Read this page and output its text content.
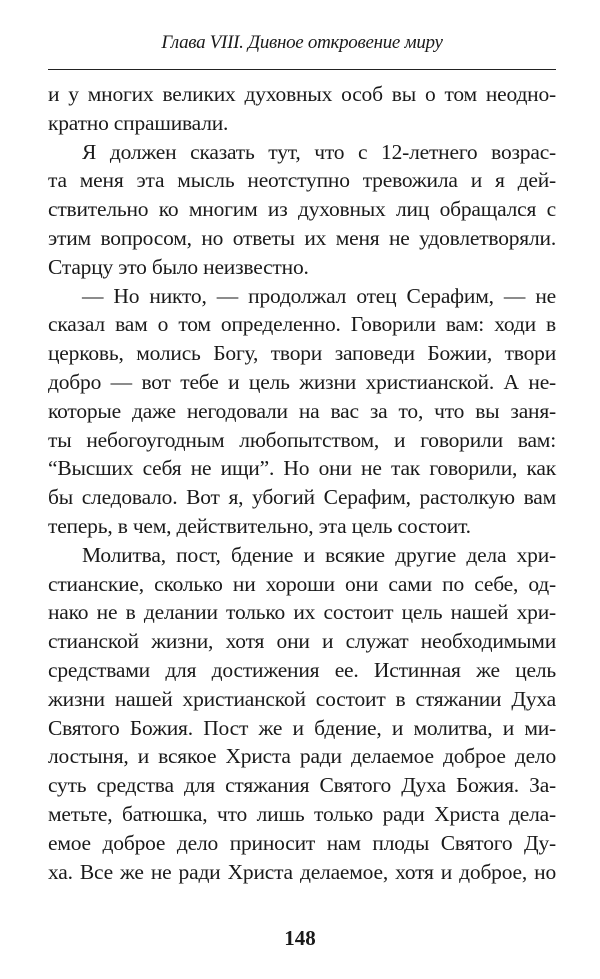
Глава VIII. Дивное откровение миру
и у многих великих духовных особ вы о том неодно-
кратно спрашивали.
Я должен сказать тут, что с 12-летнего возрас-
та меня эта мысль неотступно тревожила и я дей-
ствительно ко многим из духовных лиц обращался с
этим вопросом, но ответы их меня не удовлетворяли.
Старцу это было неизвестно.
— Но никто, — продолжал отец Серафим, — не
сказал вам о том определенно. Говорили вам: ходи в
церковь, молись Богу, твори заповеди Божии, твори
добро — вот тебе и цель жизни христианской. А не-
которые даже негодовали на вас за то, что вы заня-
ты небогоугодным любопытством, и говорили вам:
“Высших себя не ищи”. Но они не так говорили, как
бы следовало. Вот я, убогий Серафим, растолкую вам
теперь, в чем, действительно, эта цель состоит.
Молитва, пост, бдение и всякие другие дела хри-
стианские, сколько ни хороши они сами по себе, од-
нако не в делании только их состоит цель нашей хри-
стианской жизни, хотя они и служат необходимыми
средствами для достижения ее. Истинная же цель
жизни нашей христианской состоит в стяжании Духа
Святого Божия. Пост же и бдение, и молитва, и ми-
лостыня, и всякое Христа ради делаемое доброе дело
суть средства для стяжания Святого Духа Божия. За-
метьте, батюшка, что лишь только ради Христа дела-
емое доброе дело приносит нам плоды Святого Ду-
ха. Все же не ради Христа делаемое, хотя и доброе, но
148
